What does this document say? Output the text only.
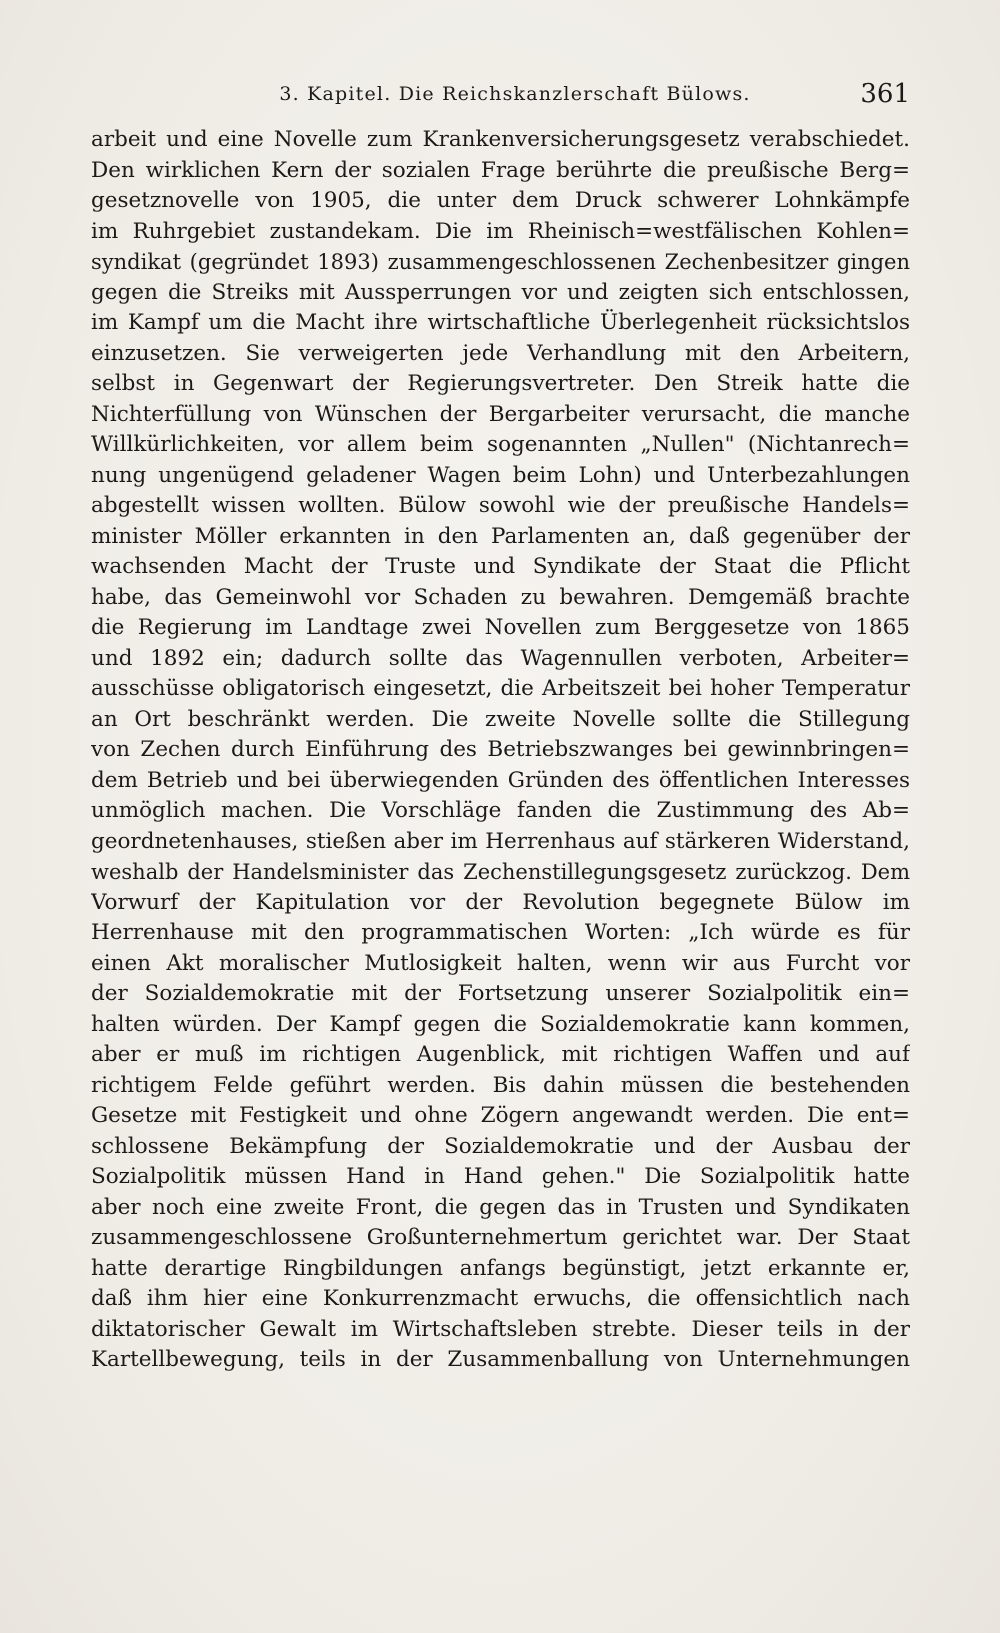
3. Kapitel. Die Reichskanzlerschaft Bülows.	361
arbeit und eine Novelle zum Krankenversicherungsgesetz verabschiedet.
Den wirklichen Kern der sozialen Frage berührte die preußische Berg=
gesetznovelle von 1905, die unter dem Druck schwerer Lohnkämpfe
im Ruhrgebiet zustandekam. Die im Rheinisch=westfälischen Kohlen=
syndikat (gegründet 1893) zusammengeschlossenen Zechenbesitzer gingen
gegen die Streiks mit Aussperrungen vor und zeigten sich entschlossen,
im Kampf um die Macht ihre wirtschaftliche Überlegenheit rücksichtslos
einzusetzen. Sie verweigerten jede Verhandlung mit den Arbeitern,
selbst in Gegenwart der Regierungsvertreter. Den Streik hatte die
Nichterfüllung von Wünschen der Bergarbeiter verursacht, die manche
Willkürlichkeiten, vor allem beim sogenannten „Nullen" (Nichtanrech=
nung ungenügend geladener Wagen beim Lohn) und Unterbezahlungen
abgestellt wissen wollten. Bülow sowohl wie der preußische Handels=
minister Möller erkannten in den Parlamenten an, daß gegenüber der
wachsenden Macht der Truste und Syndikate der Staat die Pflicht
habe, das Gemeinwohl vor Schaden zu bewahren. Demgemäß brachte
die Regierung im Landtage zwei Novellen zum Berggesetze von 1865
und 1892 ein; dadurch sollte das Wagennullen verboten, Arbeiter=
ausschüsse obligatorisch eingesetzt, die Arbeitszeit bei hoher Temperatur
an Ort beschränkt werden. Die zweite Novelle sollte die Stillegung
von Zechen durch Einführung des Betriebszwanges bei gewinnbringen=
dem Betrieb und bei überwiegenden Gründen des öffentlichen Interesses
unmöglich machen. Die Vorschläge fanden die Zustimmung des Ab=
geordnetenhauses, stießen aber im Herrenhaus auf stärkeren Widerstand,
weshalb der Handelsminister das Zechenstillegungsgesetz zurückzog. Dem
Vorwurf der Kapitulation vor der Revolution begegnete Bülow im
Herrenhause mit den programmatischen Worten: „Ich würde es für
einen Akt moralischer Mutlosigkeit halten, wenn wir aus Furcht vor
der Sozialdemokratie mit der Fortsetzung unserer Sozialpolitik ein=
halten würden. Der Kampf gegen die Sozialdemokratie kann kommen,
aber er muß im richtigen Augenblick, mit richtigen Waffen und auf
richtigem Felde geführt werden. Bis dahin müssen die bestehenden
Gesetze mit Festigkeit und ohne Zögern angewandt werden. Die ent=
schlossene Bekämpfung der Sozialdemokratie und der Ausbau der
Sozialpolitik müssen Hand in Hand gehen." Die Sozialpolitik hatte
aber noch eine zweite Front, die gegen das in Trusten und Syndikaten
zusammengeschlossene Großunternehmertum gerichtet war. Der Staat
hatte derartige Ringbildungen anfangs begünstigt, jetzt erkannte er,
daß ihm hier eine Konkurrenzmacht erwuchs, die offensichtlich nach
diktatorischer Gewalt im Wirtschaftsleben strebte. Dieser teils in der
Kartellbewegung, teils in der Zusammenballung von Unternehmungen
